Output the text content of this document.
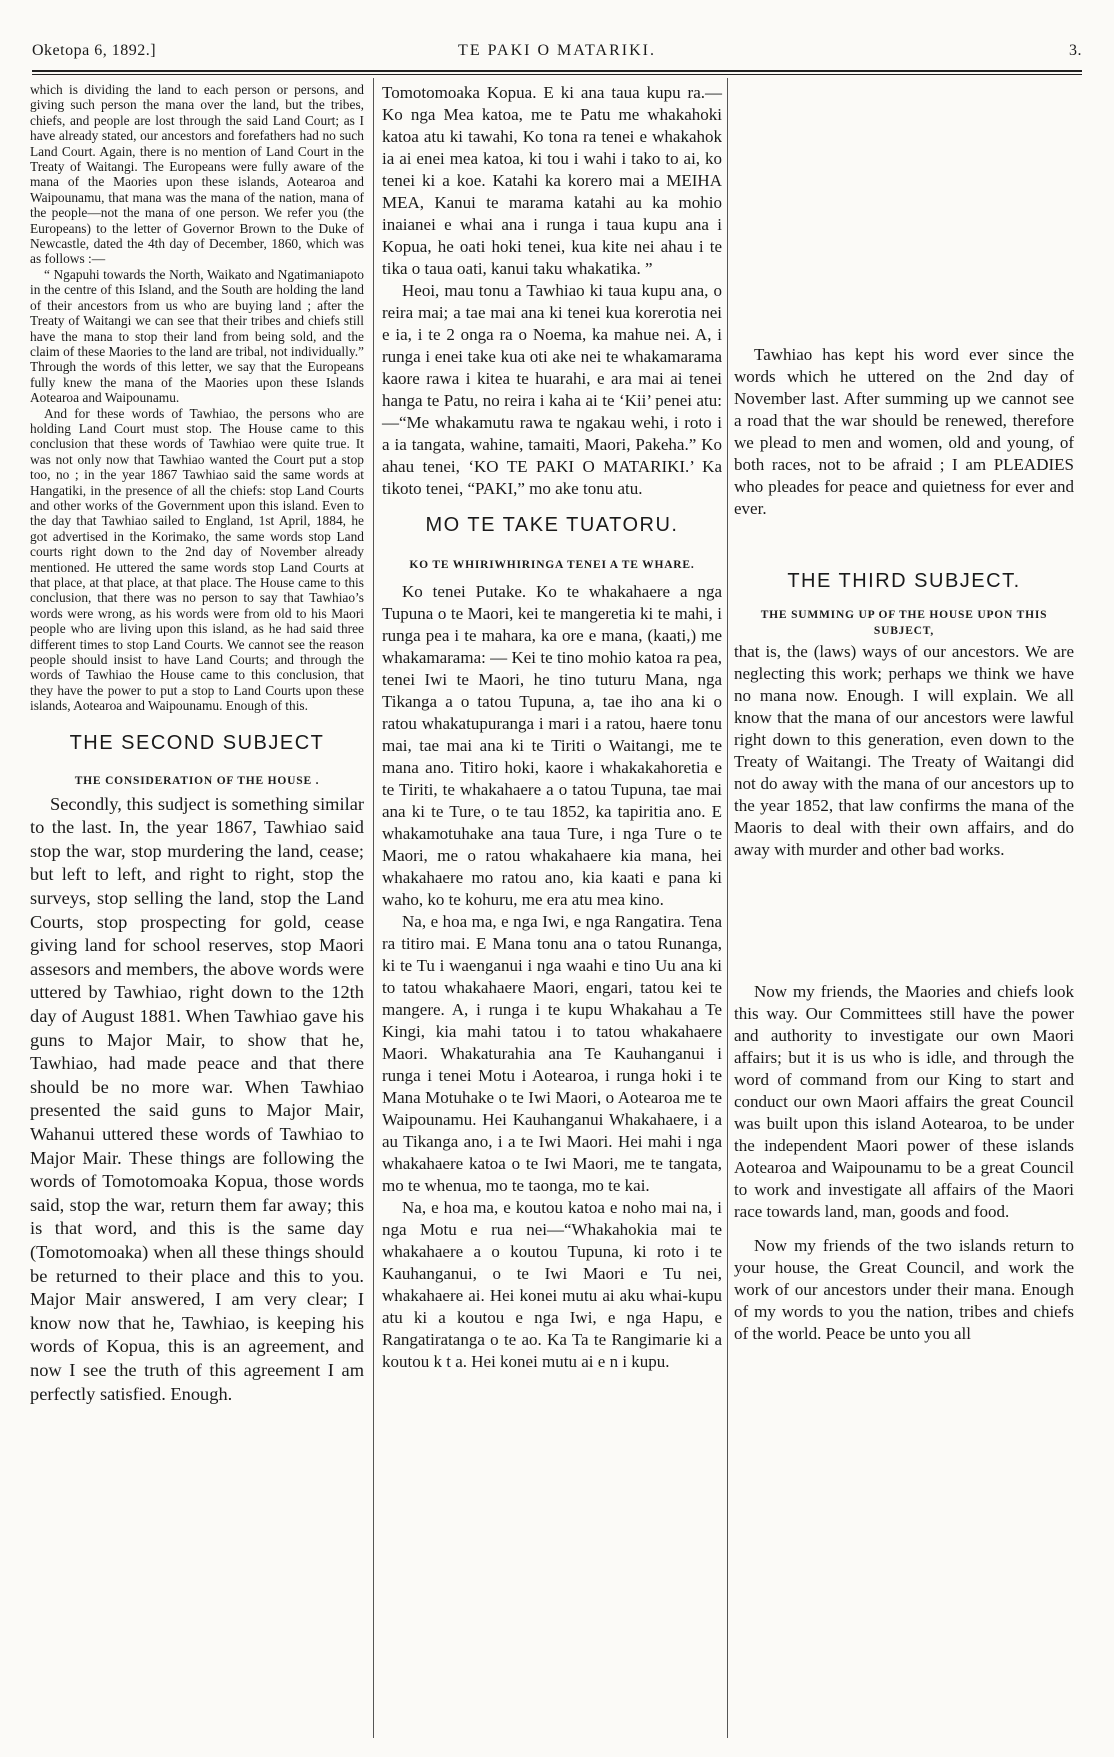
Oketopa 6, 1892.]	TE PAKI O MATARIKI.	3.

which is dividing the land to each person or persons, and giving such person the mana over the land, but the tribes, chiefs, and people are lost through the said Land Court; as I have already stated, our ancestors and forefathers had no such Land Court. Again, there is no mention of Land Court in the Treaty of Waitangi. The Europeans were fully aware of the mana of the Maories upon these islands, Aotearoa and Waipounamu, that mana was the mana of the nation, mana of the people—not the mana of one person. We refer you (the Europeans) to the letter of Governor Brown to the Duke of Newcastle, dated the 4th day of December, 1860, which was as follows :—

“ Ngapuhi towards the North, Waikato and Ngatimaniapoto in the centre of this Island, and the South are holding the land of their ancestors from us who are buying land ; after the Treaty of Waitangi we can see that their tribes and chiefs still have the mana to stop their land from being sold, and the claim of these Maories to the land are tribal, not individually.” Through the words of this letter, we say that the Europeans fully knew the mana of the Maories upon these Islands Aotearoa and Waipounamu.

And for these words of Tawhiao, the persons who are holding Land Court must stop. The House came to this conclusion that these words of Tawhiao were quite true. It was not only now that Tawhiao wanted the Court put a stop too, no ; in the year 1867 Tawhiao said the same words at Hangatiki, in the presence of all the chiefs: stop Land Courts and other works of the Government upon this island. Even to the day that Tawhiao sailed to England, 1st April, 1884, he got advertised in the Korimako, the same words stop Land courts right down to the 2nd day of November already mentioned. He uttered the same words stop Land Courts at that place, at that place, at that place. The House came to this conclusion, that there was no person to say that Tawhiao’s words were wrong, as his words were from old to his Maori people who are living upon this island, as he had said three different times to stop Land Courts. We cannot see the reason people should insist to have Land Courts; and through the words of Tawhiao the House came to this conclusion, that they have the power to put a stop to Land Courts upon these islands, Aotearoa and Waipounamu. Enough of this.

THE SECOND SUBJECT
THE CONSIDERATION OF THE HOUSE .

Secondly, this sudject is something similar to the last. In, the year 1867, Tawhiao said stop the war, stop murdering the land, cease; but left to left, and right to right, stop the surveys, stop selling the land, stop the Land Courts, stop prospecting for gold, cease giving land for school reserves, stop Maori assesors and members, the above words were uttered by Tawhiao, right down to the 12th day of August 1881. When Tawhiao gave his guns to Major Mair, to show that he, Tawhiao, had made peace and that there should be no more war. When Tawhiao presented the said guns to Major Mair, Wahanui uttered these words of Tawhiao to Major Mair. These things are following the words of Tomotomoaka Kopua, those words said, stop the war, return them far away; this is that word, and this is the same day (Tomotomoaka) when all these things should be returned to their place and this to you. Major Mair answered, I am very clear; I know now that he, Tawhiao, is keeping his words of Kopua, this is an agreement, and now I see the truth of this agreement I am perfectly satisfied. Enough.

Tomotomoaka Kopua. E ki ana taua kupu ra.— Ko nga Mea katoa, me te Patu me whakahoki katoa atu ki tawahi, Ko tona ra tenei e whakahok ia ai enei mea katoa, ki tou i wahi i tako to ai, ko tenei ki a koe. Katahi ka korero mai a MEIHA MEA, Kanui te marama katahi au ka mohio inaianei e whai ana i runga i taua kupu ana i Kopua, he oati hoki tenei, kua kite nei ahau i te tika o taua oati, kanui taku whakatika. ”

Heoi, mau tonu a Tawhiao ki taua kupu ana, o reira mai; a tae mai ana ki tenei kua korerotia nei e ia, i te 2 onga ra o Noema, ka mahue nei. A, i runga i enei take kua oti ake nei te whakamarama kaore rawa i kitea te huarahi, e ara mai ai tenei hanga te Patu, no reira i kaha ai te ‘Kii’ penei atu:—“Me whakamutu rawa te ngakau wehi, i roto i a ia tangata, wahine, tamaiti, Maori, Pakeha.” Ko ahau tenei, ‘KO TE PAKI O MATARIKI.’ Ka tikoto tenei, “PAKI,” mo ake tonu atu.

MO TE TAKE TUATORU.
KO TE WHIRIWHIRINGA TENEI A TE WHARE.

Ko tenei Putake. Ko te whakahaere a nga Tupuna o te Maori, kei te mangeretia ki te mahi, i runga pea i te mahara, ka ore e mana, (kaati,) me whakamarama: — Kei te tino mohio katoa ra pea, tenei Iwi te Maori, he tino tuturu Mana, nga Tikanga a o tatou Tupuna, a, tae iho ana ki o ratou whakatupuranga i mari i a ratou, haere tonu mai, tae mai ana ki te Tiriti o Waitangi, me te mana ano. Titiro hoki, kaore i whakakahoretia e te Tiriti, te whakahaere a o tatou Tupuna, tae mai ana ki te Ture, o te tau 1852, ka tapiritia ano. E whakamotuhake ana taua Ture, i nga Ture o te Maori, me o ratou whakahaere kia mana, hei whakahaere mo ratou ano, kia kaati e pana ki waho, ko te kohuru, me era atu mea kino.

Na, e hoa ma, e nga Iwi, e nga Rangatira. Tena ra titiro mai. E Mana tonu ana o tatou Runanga, ki te Tu i waenganui i nga waahi e tino Uu ana ki to tatou whakahaere Maori, engari, tatou kei te mangere. A, i runga i te kupu Whakahau a Te Kingi, kia mahi tatou i to tatou whakahaere Maori. Whakaturahia ana Te Kauhanganui i runga i tenei Motu i Aotearoa, i runga hoki i te Mana Motuhake o te Iwi Maori, o Aotearoa me te Waipounamu. Hei Kauhanganui Whakahaere, i a au Tikanga ano, i a te Iwi Maori. Hei mahi i nga whakahaere katoa o te Iwi Maori, me te tangata, mo te whenua, mo te taonga, mo te kai.

Na, e hoa ma, e koutou katoa e noho mai na, i nga Motu e rua nei—“Whakahokia mai te whakahaere a o koutou Tupuna, ki roto i te Kauhanganui, o te Iwi Maori e Tu nei, whakahaere ai. Hei konei mutu ai aku whai-kupu atu ki a koutou e nga Iwi, e nga Hapu, e Rangatiratanga o te ao. Ka Ta te Rangimarie ki a koutou k t a. Hei konei mutu ai e n i kupu.

Tawhiao has kept his word ever since the words which he uttered on the 2nd day of November last. After summing up we cannot see a road that the war should be renewed, therefore we plead to men and women, old and young, of both races, not to be afraid ; I am PLEADIES who pleades for peace and quietness for ever and ever.

THE THIRD SUBJECT.
THE SUMMING UP OF THE HOUSE UPON THIS SUBJECT,

that is, the (laws) ways of our ancestors. We are neglecting this work; perhaps we think we have no mana now. Enough. I will explain. We all know that the mana of our ancestors were lawful right down to this generation, even down to the Treaty of Waitangi. The Treaty of Waitangi did not do away with the mana of our ancestors up to the year 1852, that law confirms the mana of the Maoris to deal with their own affairs, and do away with murder and other bad works.

Now my friends, the Maories and chiefs look this way. Our Committees still have the power and authority to investigate our own Maori affairs; but it is us who is idle, and through the word of command from our King to start and conduct our own Maori affairs the great Council was built upon this island Aotearoa, to be under the independent Maori power of these islands Aotearoa and Waipounamu to be a great Council to work and investigate all affairs of the Maori race towards land, man, goods and food.

Now my friends of the two islands return to your house, the Great Council, and work the work of our ancestors under their mana. Enough of my words to you the nation, tribes and chiefs of the world. Peace be unto you all
